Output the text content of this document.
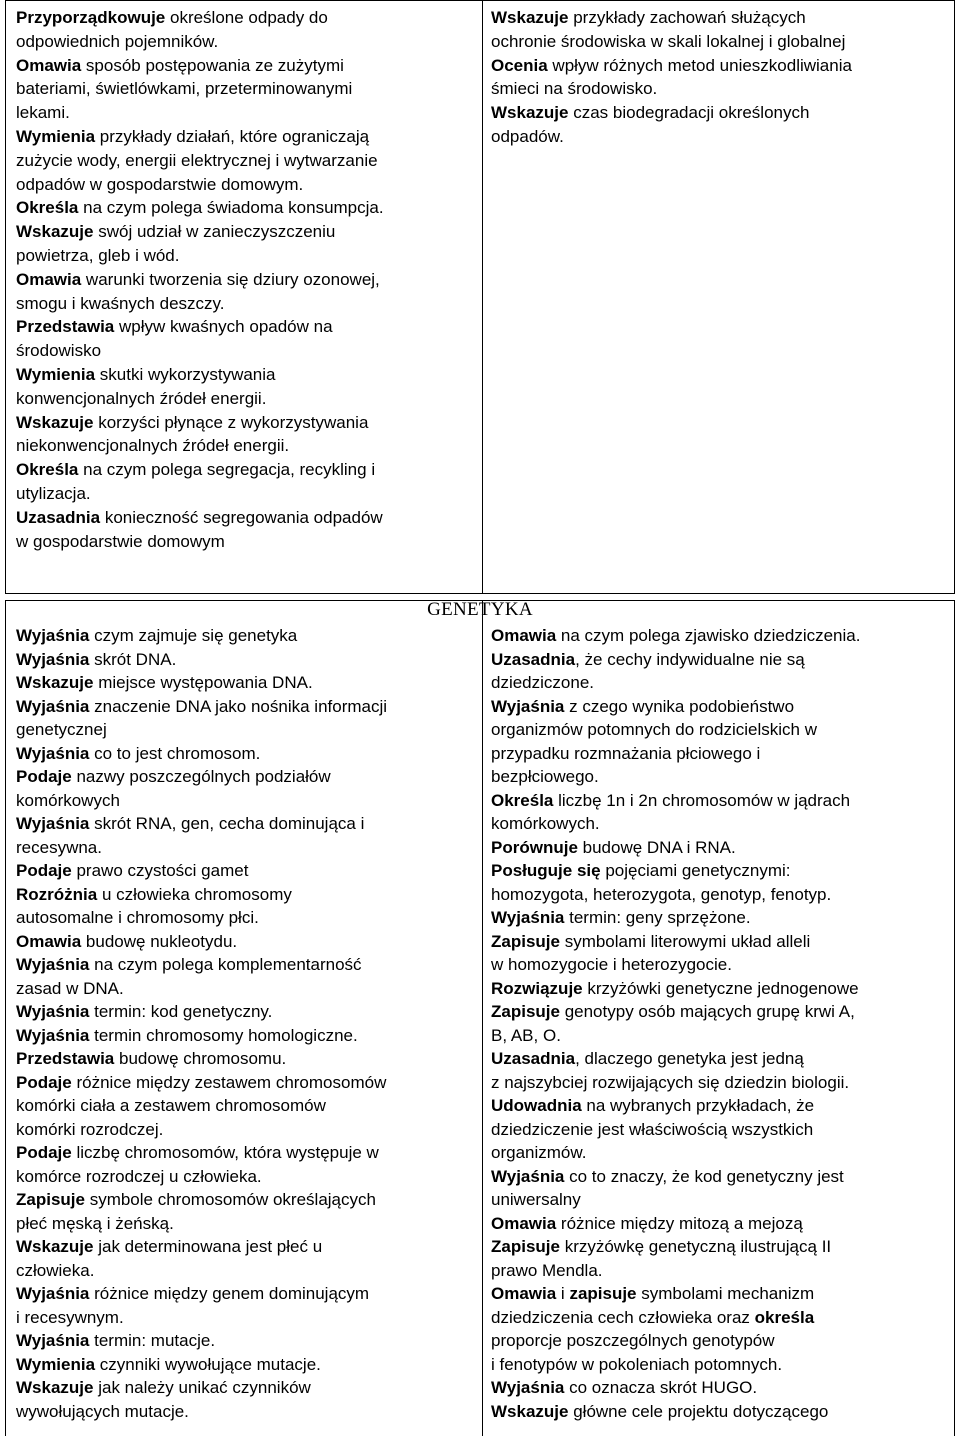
Przyporządkowuje określone odpady do
odpowiednich pojemników.
Omawia sposób postępowania ze zużytymi
bateriami, świetlówkami, przeterminowanymi
lekami.
Wymienia przykłady działań, które ograniczają
zużycie wody, energii elektrycznej i wytwarzanie
odpadów w gospodarstwie domowym.
Określa na czym polega świadoma konsumpcja.
Wskazuje swój udział w zanieczyszczeniu
powietrza, gleb i wód.
Omawia warunki tworzenia się dziury ozonowej,
smogu i kwaśnych deszczy.
Przedstawia wpływ kwaśnych opadów na
środowisko
Wymienia skutki wykorzystywania
konwencjonalnych źródeł energii.
Wskazuje korzyści płynące z wykorzystywania
niekonwencjonalnych źródeł energii.
Określa na czym polega segregacja, recykling i
utylizacja.
Uzasadnia konieczność segregowania odpadów
w gospodarstwie domowym
Wskazuje przykłady zachowań służących
ochronie środowiska w skali lokalnej i globalnej
Ocenia wpływ różnych metod unieszkodliwiania
śmieci na środowisko.
Wskazuje czas biodegradacji określonych
odpadów.
GENETYKA
Wyjaśnia czym zajmuje się genetyka
Wyjaśnia skrót DNA.
Wskazuje miejsce występowania DNA.
Wyjaśnia znaczenie DNA jako nośnika informacji
genetycznej
Wyjaśnia co to jest chromosom.
Podaje nazwy poszczególnych podziałów
komórkowych
Wyjaśnia skrót RNA, gen, cecha dominująca i
recesywna.
Podaje prawo czystości gamet
Rozróżnia u człowieka chromosomy
autosomalne i chromosomy płci.
Omawia budowę nukleotydu.
Wyjaśnia na czym polega komplementarność
zasad w DNA.
Wyjaśnia termin: kod genetyczny.
Wyjaśnia termin chromosomy homologiczne.
Przedstawia budowę chromosomu.
Podaje różnice między zestawem chromosomów
komórki ciała a zestawem chromosomów
komórki rozrodczej.
Podaje liczbę chromosomów, która występuje w
komórce rozrodczej u człowieka.
Zapisuje symbole chromosomów określających
płeć męską i żeńską.
Wskazuje jak determinowana jest płeć u
człowieka.
Wyjaśnia różnice między genem dominującym
i recesywnym.
Wyjaśnia termin: mutacje.
Wymienia czynniki wywołujące mutacje.
Wskazuje jak należy unikać czynników
wywołujących mutacje.
Omawia na czym polega zjawisko dziedziczenia.
Uzasadnia, że cechy indywidualne nie są
dziedziczone.
Wyjaśnia z czego wynika podobieństwo
organizmów potomnych do rodzicielskich w
przypadku rozmnażania płciowego i
bezpłciowego.
Określa liczbę 1n i 2n chromosomów w jądrach
komórkowych.
Porównuje budowę DNA i RNA.
Posługuje się pojęciami genetycznymi:
homozygota, heterozygota, genotyp, fenotyp.
Wyjaśnia termin: geny sprzężone.
Zapisuje symbolami literowymi układ alleli
w homozygocie i heterozygocie.
Rozwiązuje krzyżówki genetyczne jednogenowe
Zapisuje genotypy osób mających grupę krwi A,
B, AB, O.
Uzasadnia, dlaczego genetyka jest jedną
z najszybciej rozwijających się dziedzin biologii.
Udowadnia na wybranych przykładach, że
dziedziczenie jest właściwością wszystkich
organizmów.
Wyjaśnia co to znaczy, że kod genetyczny jest
uniwersalny
Omawia różnice między mitozą a mejozą
Zapisuje krzyżówkę genetyczną ilustrującą II
prawo Mendla.
Omawia i zapisuje symbolami mechanizm
dziedziczenia cech człowieka oraz określa
proporcje poszczególnych genotypów
i fenotypów w pokoleniach potomnych.
Wyjaśnia co oznacza skrót HUGO.
Wskazuje główne cele projektu dotyczącego
